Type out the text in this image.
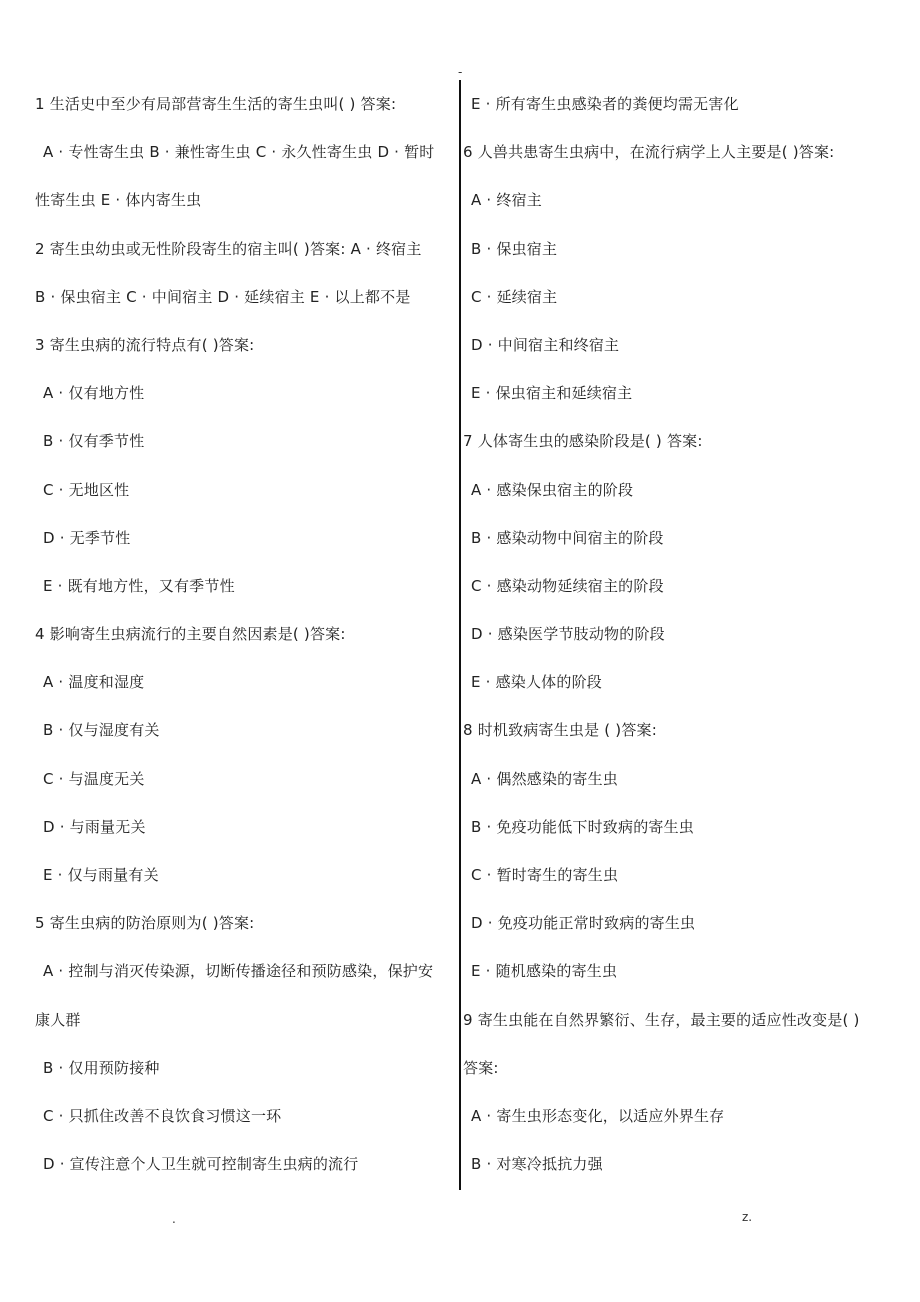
-
1 生活史中至少有局部营寄生生活的寄生虫叫( ) 答案:
A · 专性寄生虫 B · 兼性寄生虫 C · 永久性寄生虫 D · 暂时
性寄生虫 E · 体内寄生虫
2 寄生虫幼虫或无性阶段寄生的宿主叫( )答案: A · 终宿主
B · 保虫宿主 C · 中间宿主 D · 延续宿主 E · 以上都不是
3 寄生虫病的流行特点有( )答案:
A · 仅有地方性
B · 仅有季节性
C · 无地区性
D · 无季节性
E · 既有地方性，又有季节性
4 影响寄生虫病流行的主要自然因素是( )答案:
A · 温度和湿度
B · 仅与湿度有关
C · 与温度无关
D · 与雨量无关
E · 仅与雨量有关
5 寄生虫病的防治原则为( )答案:
A · 控制与消灭传染源，切断传播途径和预防感染，保护安
康人群
B · 仅用预防接种
C · 只抓住改善不良饮食习惯这一环
D · 宣传注意个人卫生就可控制寄生虫病的流行
E · 所有寄生虫感染者的粪便均需无害化
6 人兽共患寄生虫病中，在流行病学上人主要是( )答案:
A · 终宿主
B · 保虫宿主
C · 延续宿主
D · 中间宿主和终宿主
E · 保虫宿主和延续宿主
7 人体寄生虫的感染阶段是( ) 答案:
A · 感染保虫宿主的阶段
B · 感染动物中间宿主的阶段
C · 感染动物延续宿主的阶段
D · 感染医学节肢动物的阶段
E · 感染人体的阶段
8 时机致病寄生虫是 ( )答案:
A · 偶然感染的寄生虫
B · 免疫功能低下时致病的寄生虫
C · 暂时寄生的寄生虫
D · 免疫功能正常时致病的寄生虫
E · 随机感染的寄生虫
9 寄生虫能在自然界繁衍、生存，最主要的适应性改变是( )
答案:
A · 寄生虫形态变化，以适应外界生存
B · 对寒冷抵抗力强
.	z.
